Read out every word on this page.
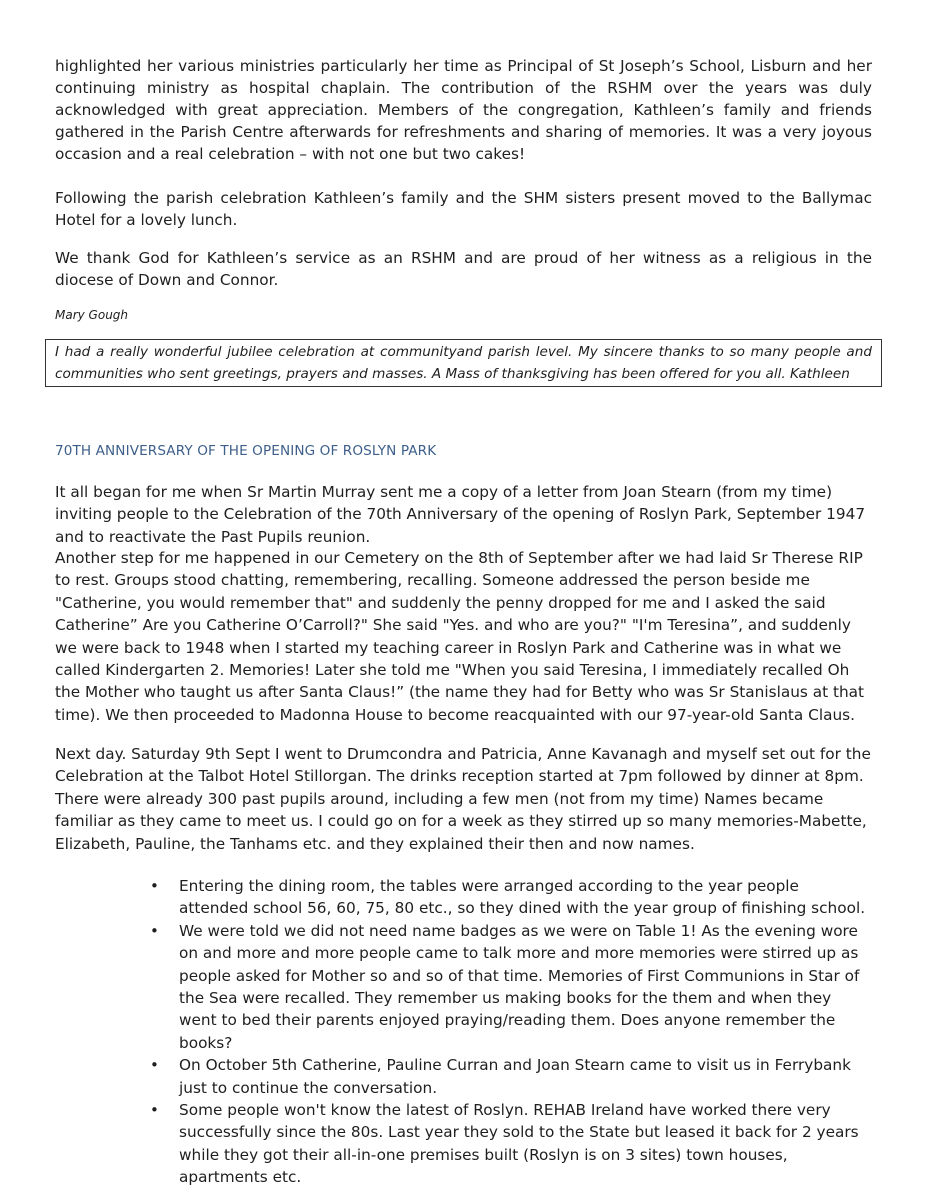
highlighted her various ministries particularly her time as Principal of St Joseph’s School, Lisburn and her continuing ministry as hospital chaplain. The contribution of the RSHM over the years was duly acknowledged with great appreciation. Members of the congregation, Kathleen’s family and friends gathered in the Parish Centre afterwards for refreshments and sharing of memories. It was a very joyous occasion and a real celebration – with not one but two cakes!

Following the parish celebration Kathleen’s family and the SHM sisters present moved to the Ballymac Hotel for a lovely lunch.

We thank God for Kathleen’s service as an RSHM and are proud of her witness as a religious in the diocese of Down and Connor.

Mary Gough

I had a really wonderful jubilee celebration at communityand parish level. My sincere thanks to so many people and communities who sent greetings, prayers and masses. A Mass of thanksgiving has been offered for you all. Kathleen
70TH ANNIVERSARY OF THE OPENING OF ROSLYN PARK

It all began for me when Sr Martin Murray sent me a copy of a letter from Joan Stearn (from my time) inviting people to the Celebration of the 70th Anniversary of the opening of Roslyn Park, September 1947 and to reactivate the Past Pupils reunion.

Another step for me happened in our Cemetery on the 8th of September after we had laid Sr Therese RIP to rest. Groups stood chatting, remembering, recalling. Someone addressed the person beside me "Catherine, you would remember that" and suddenly the penny dropped for me and I asked the said Catherine” Are you Catherine O’Carroll?" She said "Yes. and who are you?" "I'm Teresina”, and suddenly we were back to 1948 when I started my teaching career in Roslyn Park and Catherine was in what we called Kindergarten 2. Memories! Later she told me "When you said Teresina, I immediately recalled Oh the Mother who taught us after Santa Claus!” (the name they had for Betty who was Sr Stanislaus at that time). We then proceeded to Madonna House to become reacquainted with our 97-year-old Santa Claus.

Next day. Saturday 9th Sept I went to Drumcondra and Patricia, Anne Kavanagh and myself set out for the Celebration at the Talbot Hotel Stillorgan. The drinks reception started at 7pm followed by dinner at 8pm. There were already 300 past pupils around, including a few men (not from my time) Names became familiar as they came to meet us. I could go on for a week as they stirred up so many memories-Mabette, Elizabeth, Pauline, the Tanhams etc. and they explained their then and now names.

• Entering the dining room, the tables were arranged according to the year people attended school 56, 60, 75, 80 etc., so they dined with the year group of finishing school.
• We were told we did not need name badges as we were on Table 1! As the evening wore on and more and more people came to talk more and more memories were stirred up as people asked for Mother so and so of that time. Memories of First Communions in Star of the Sea were recalled. They remember us making books for the them and when they went to bed their parents enjoyed praying/reading them. Does anyone remember the books?
• On October 5th Catherine, Pauline Curran and Joan Stearn came to visit us in Ferrybank just to continue the conversation.
• Some people won't know the latest of Roslyn. REHAB Ireland have worked there very successfully since the 80s. Last year they sold to the State but leased it back for 2 years while they got their all-in-one premises built (Roslyn is on 3 sites) town houses, apartments etc.
